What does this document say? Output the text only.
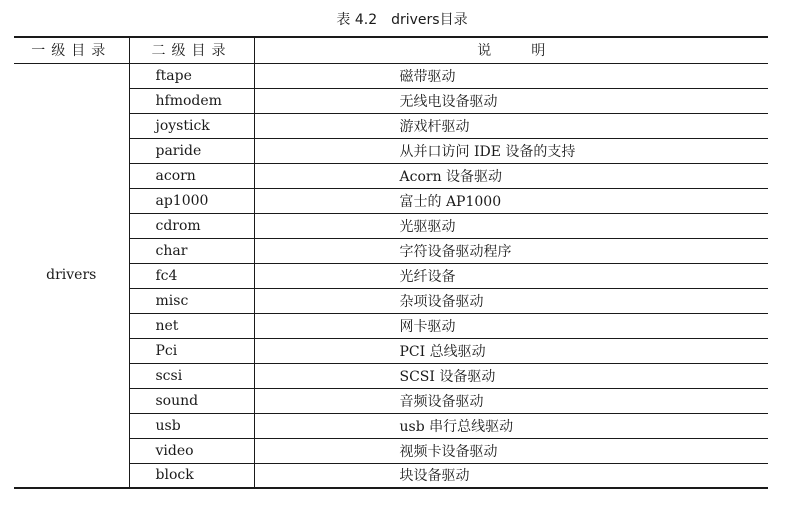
表 4.2　drivers目录
一级目录	二级目录	说明
drivers	ftape	磁带驱动
	hfmodem	无线电设备驱动
	joystick	游戏杆驱动
	paride	从并口访问 IDE 设备的支持
	acorn	Acorn 设备驱动
	ap1000	富士的 AP1000
	cdrom	光驱驱动
	char	字符设备驱动程序
	fc4	光纤设备
	misc	杂项设备驱动
	net	网卡驱动
	Pci	PCI 总线驱动
	scsi	SCSI 设备驱动
	sound	音频设备驱动
	usb	usb 串行总线驱动
	video	视频卡设备驱动
	block	块设备驱动
